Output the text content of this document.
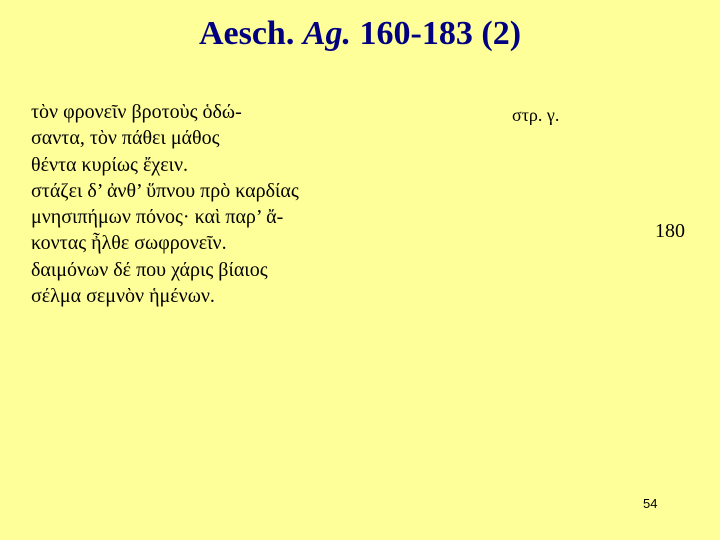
Aesch. Ag. 160-183 (2)
τὸν φρονεῖν βροτοὺς ὁδώ-
σαντα, τὸν πάθει μάθος
θέντα κυρίως ἔχειν.
στάζει δ’ ἀνθ’ ὕπνου πρὸ καρδίας
μνησιπήμων πόνος· καὶ παρ’ ἄ-
κοντας ἦλθε σωφρονεῖν.
δαιμόνων δέ που χάρις βίαιος
σέλμα σεμνὸν ἡμένων.
στρ. γ.
180
54
